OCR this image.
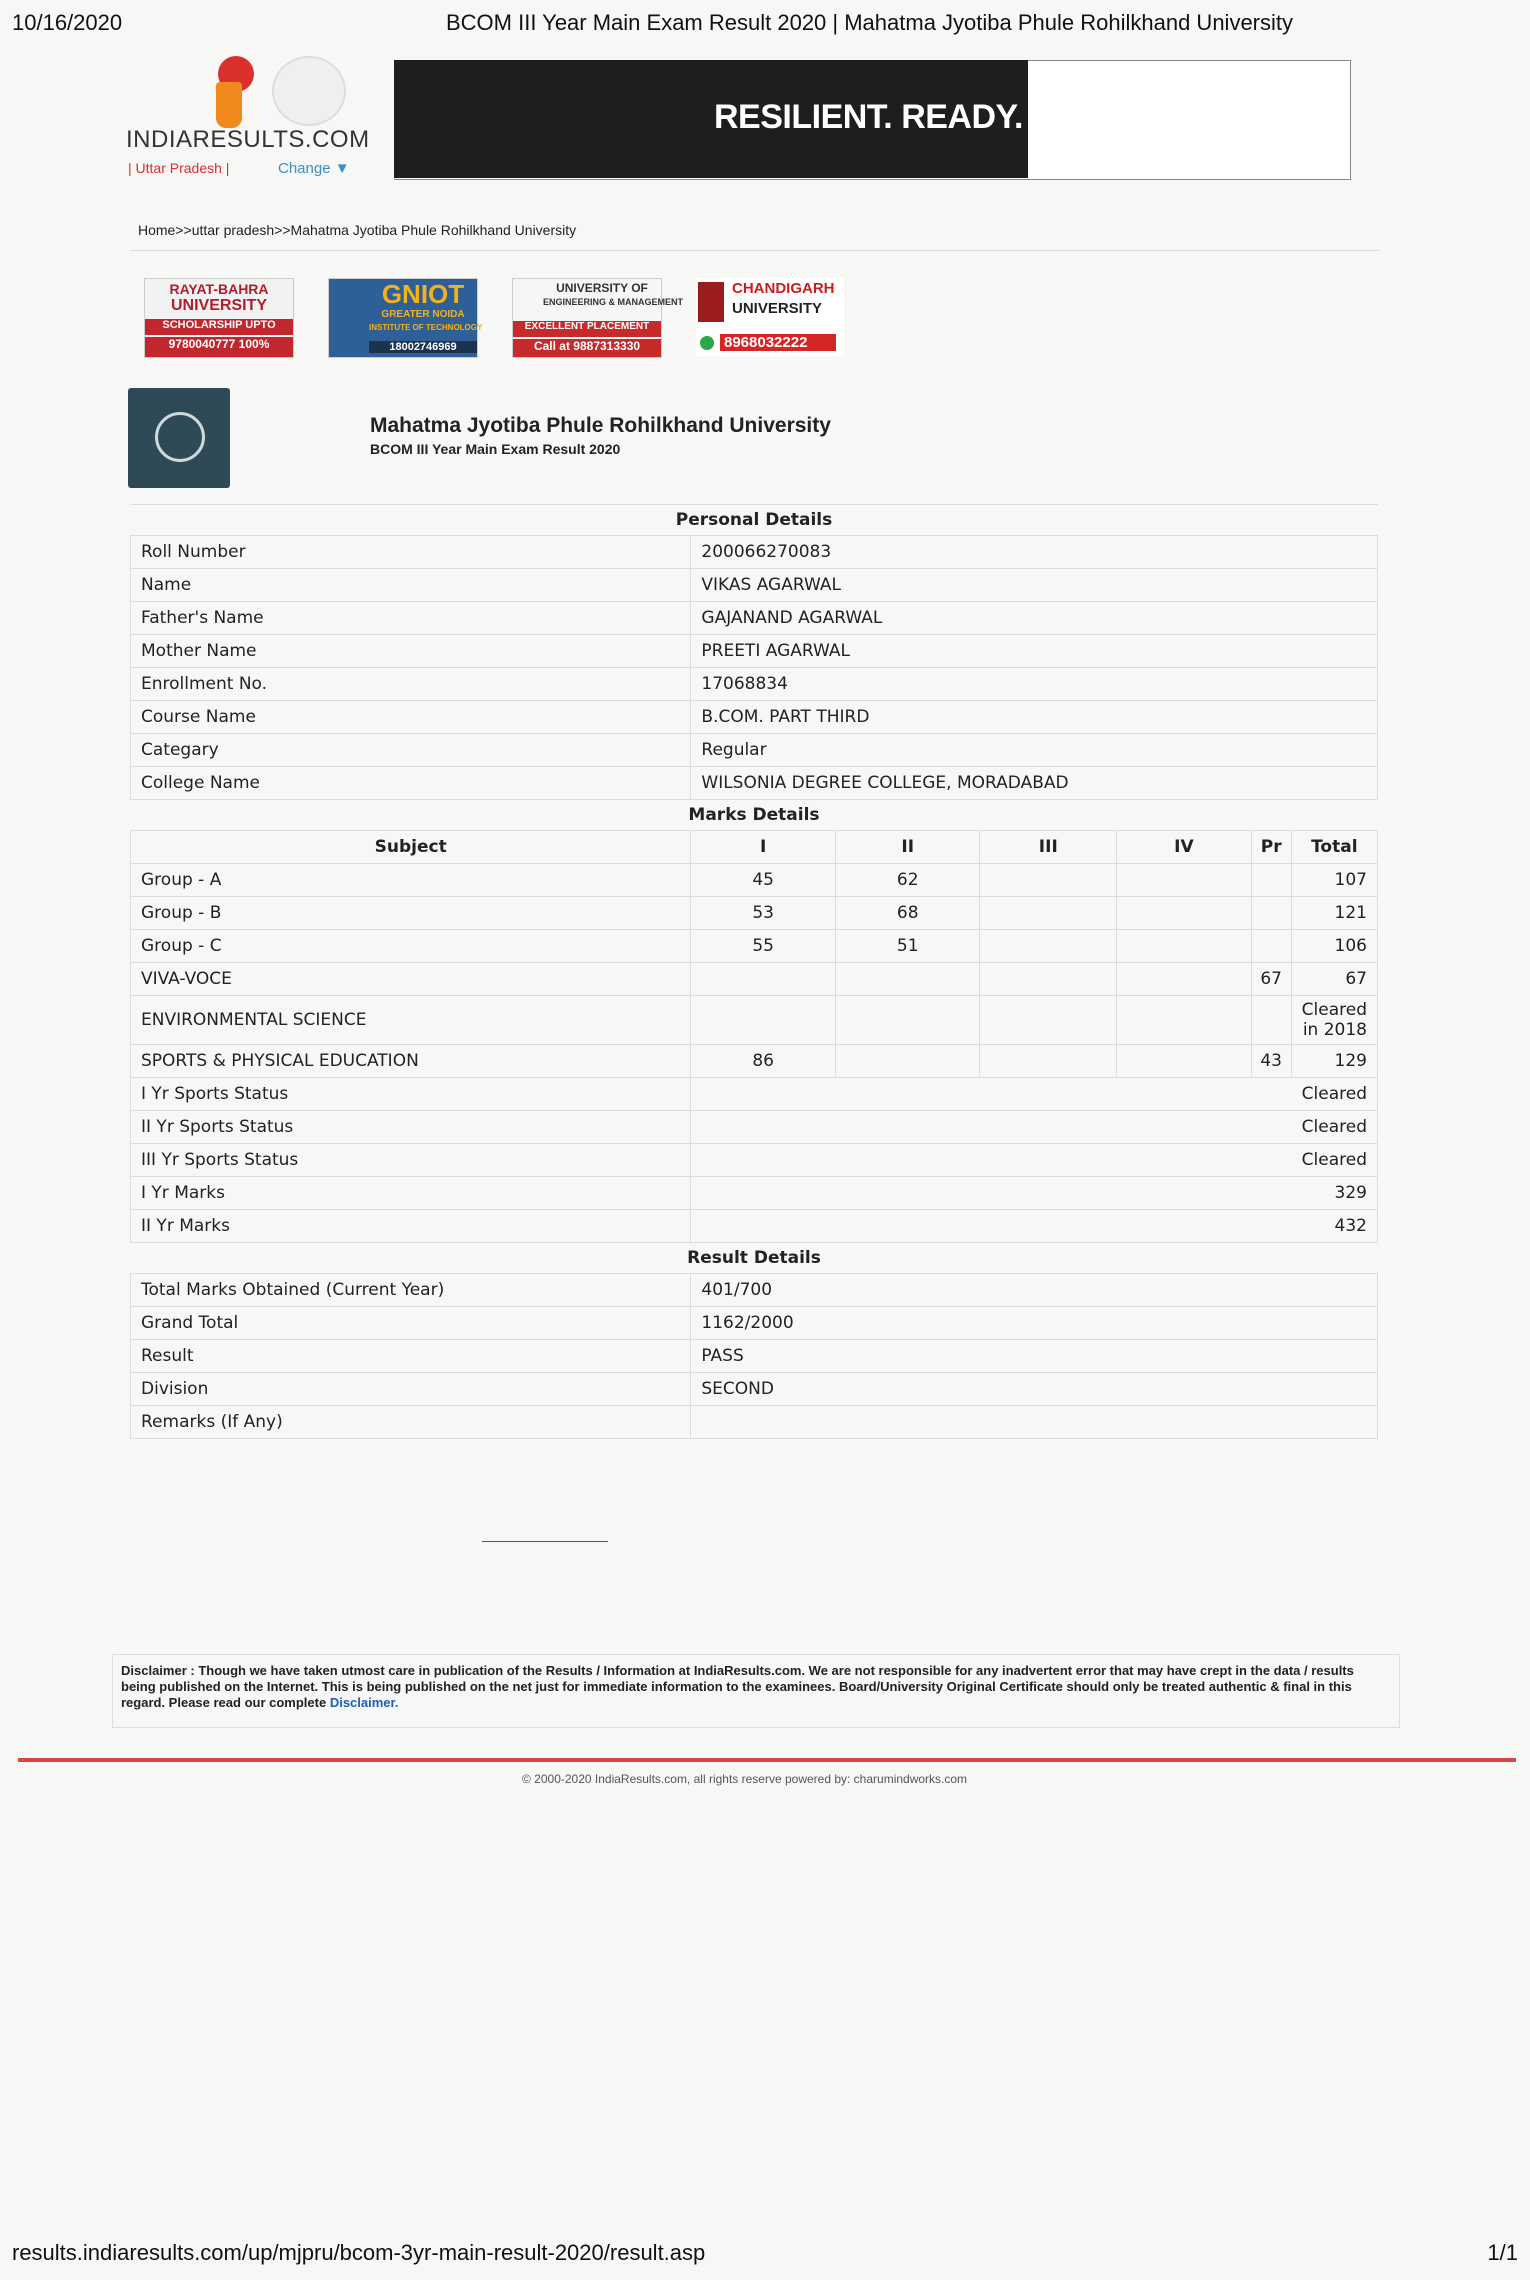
10/16/2020	BCOM III Year Main Exam Result 2020 | Mahatma Jyotiba Phule Rohilkhand University
INDIARESULTS.COM
| Uttar Pradesh |	Change ▼
RESILIENT. READY.
Home>>uttar pradesh>>Mahatma Jyotiba Phule Rohilkhand University
RAYAT-BAHRA
UNIVERSITY
SCHOLARSHIP UPTO
9780040777 100%
GNIOT
GREATER NOIDA
INSTITUTE OF TECHNOLOGY
18002746969
UNIVERSITY OF
ENGINEERING & MANAGEMENT
EXCELLENT PLACEMENT
Call at 9887313330
CHANDIGARH
UNIVERSITY
8968032222
Mahatma Jyotiba Phule Rohilkhand University
BCOM III Year Main Exam Result 2020
Personal Details						
Roll Number	200066270083					
Name	VIKAS AGARWAL					
Father's Name	GAJANAND AGARWAL					
Mother Name	PREETI AGARWAL					
Enrollment No.	17068834					
Course Name	B.COM. PART THIRD					
Categary	Regular					
College Name	WILSONIA DEGREE COLLEGE, MORADABAD					
Marks Details						
Subject	I	II	III	IV	Pr	Total
Group - A	45	62				107
Group - B	53	68				121
Group - C	55	51				106
VIVA-VOCE					67	67
ENVIRONMENTAL SCIENCE						Cleared in 2018
SPORTS & PHYSICAL EDUCATION	86				43	129
I Yr Sports Status	Cleared					
II Yr Sports Status	Cleared					
III Yr Sports Status	Cleared					
I Yr Marks	329					
II Yr Marks	432					
Result Details						
Total Marks Obtained (Current Year)	401/700					
Grand Total	1162/2000					
Result	PASS					
Division	SECOND					
Remarks (If Any)						
Disclaimer : Though we have taken utmost care in publication of the Results / Information at IndiaResults.com. We are not responsible for any inadvertent error that may have crept in the data / results being published on the Internet. This is being published on the net just for immediate information to the examinees. Board/University Original Certificate should only be treated authentic & final in this regard. Please read our complete Disclaimer.
© 2000-2020 IndiaResults.com, all rights reserve powered by: charumindworks.com
results.indiaresults.com/up/mjpru/bcom-3yr-main-result-2020/result.asp	1/1
